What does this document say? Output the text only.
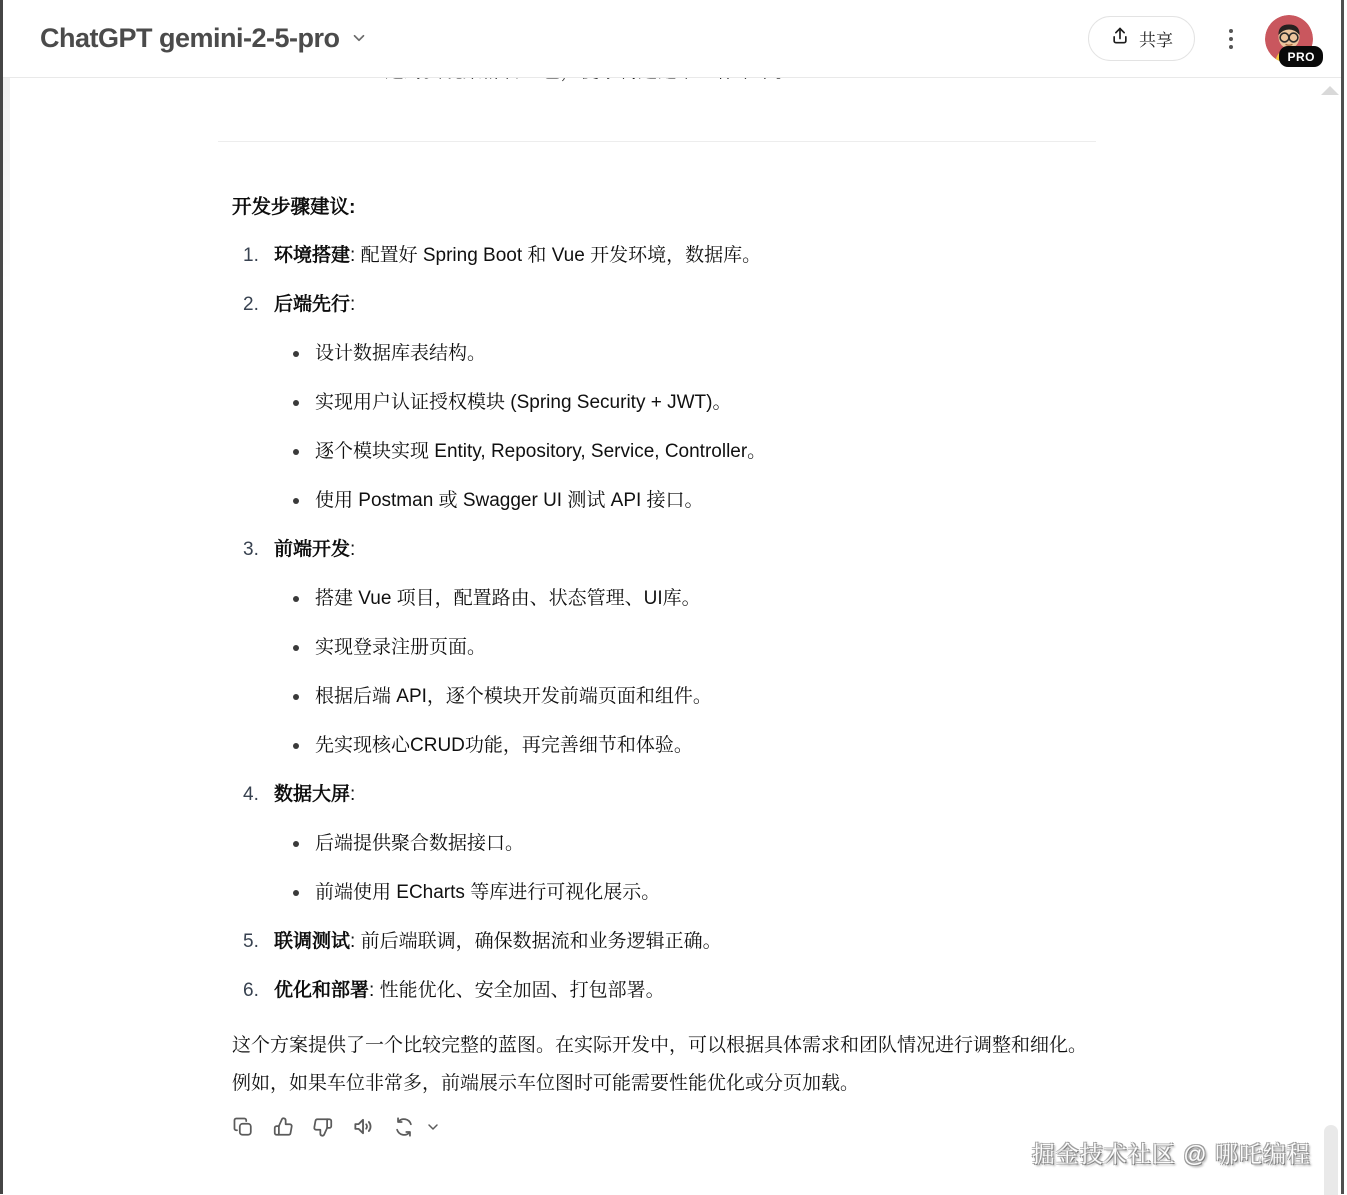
ChatGPT gemini-2-5-pro	共享
PRO
开发步骤建议:
1. 环境搭建: 配置好 Spring Boot 和 Vue 开发环境，数据库。
2. 后端先行:
设计数据库表结构。
实现用户认证授权模块 (Spring Security + JWT)。
逐个模块实现 Entity, Repository, Service, Controller。
使用 Postman 或 Swagger UI 测试 API 接口。
3. 前端开发:
搭建 Vue 项目，配置路由、状态管理、UI库。
实现登录注册页面。
根据后端 API，逐个模块开发前端页面和组件。
先实现核心CRUD功能，再完善细节和体验。
4. 数据大屏:
后端提供聚合数据接口。
前端使用 ECharts 等库进行可视化展示。
5. 联调测试: 前后端联调，确保数据流和业务逻辑正确。
6. 优化和部署: 性能优化、安全加固、打包部署。

这个方案提供了一个比较完整的蓝图。在实际开发中，可以根据具体需求和团队情况进行调整和细化。例如，如果车位非常多，前端展示车位图时可能需要性能优化或分页加载。

掘金技术社区 @ 哪吒编程
